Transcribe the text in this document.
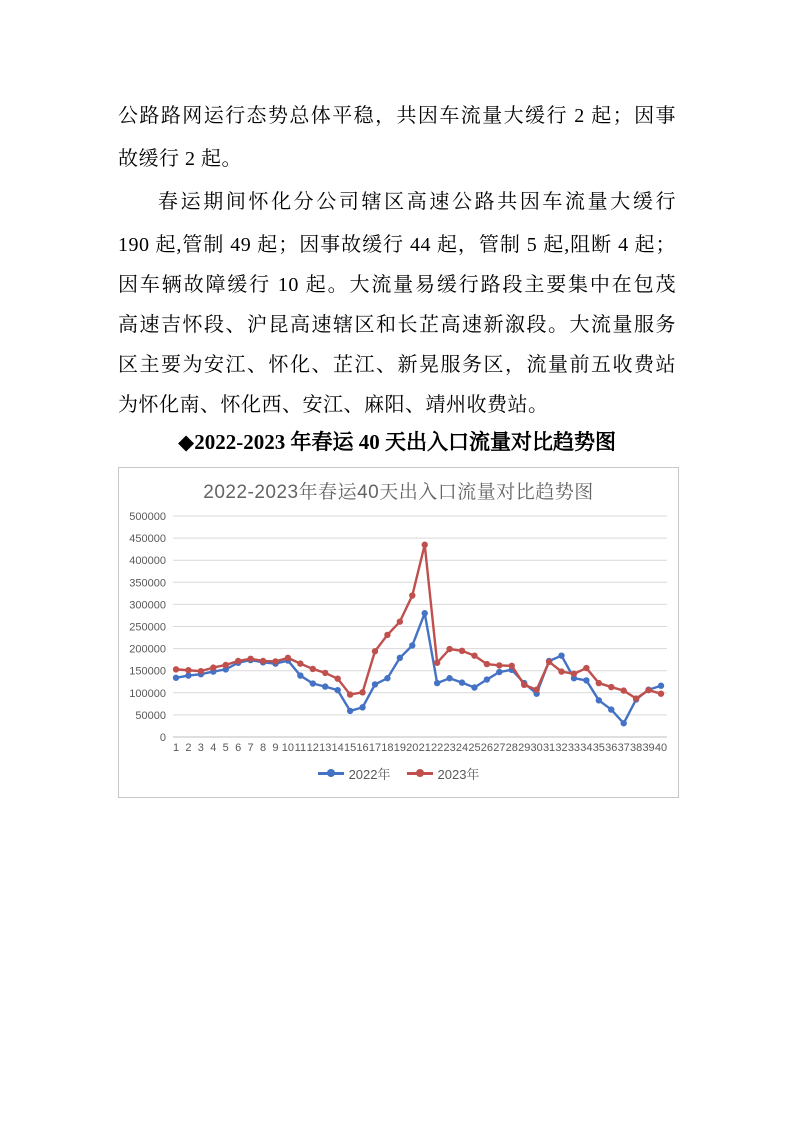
公路路网运行态势总体平稳，共因车流量大缓行 2 起；因事
故缓行 2 起。
春运期间怀化分公司辖区高速公路共因车流量大缓行
190 起,管制 49 起；因事故缓行 44 起，管制 5 起,阻断 4 起；
因车辆故障缓行 10 起。大流量易缓行路段主要集中在包茂
高速吉怀段、沪昆高速辖区和长芷高速新溆段。大流量服务
区主要为安江、怀化、芷江、新晃服务区，流量前五收费站
为怀化南、怀化西、安江、麻阳、靖州收费站。
◆2022-2023 年春运 40 天出入口流量对比趋势图
2022-2023年春运40天出入口流量对比趋势图
0
50000
100000
150000
200000
250000
300000
350000
400000
450000
500000
1 2 3 4 5 6 7 8 9 10 11 12 13 14 15 16 17 18 19 20 21 22 23 24 25 26 27 28 29 30 31 32 33 34 35 36 37 38 39 40
2022年	2023年
